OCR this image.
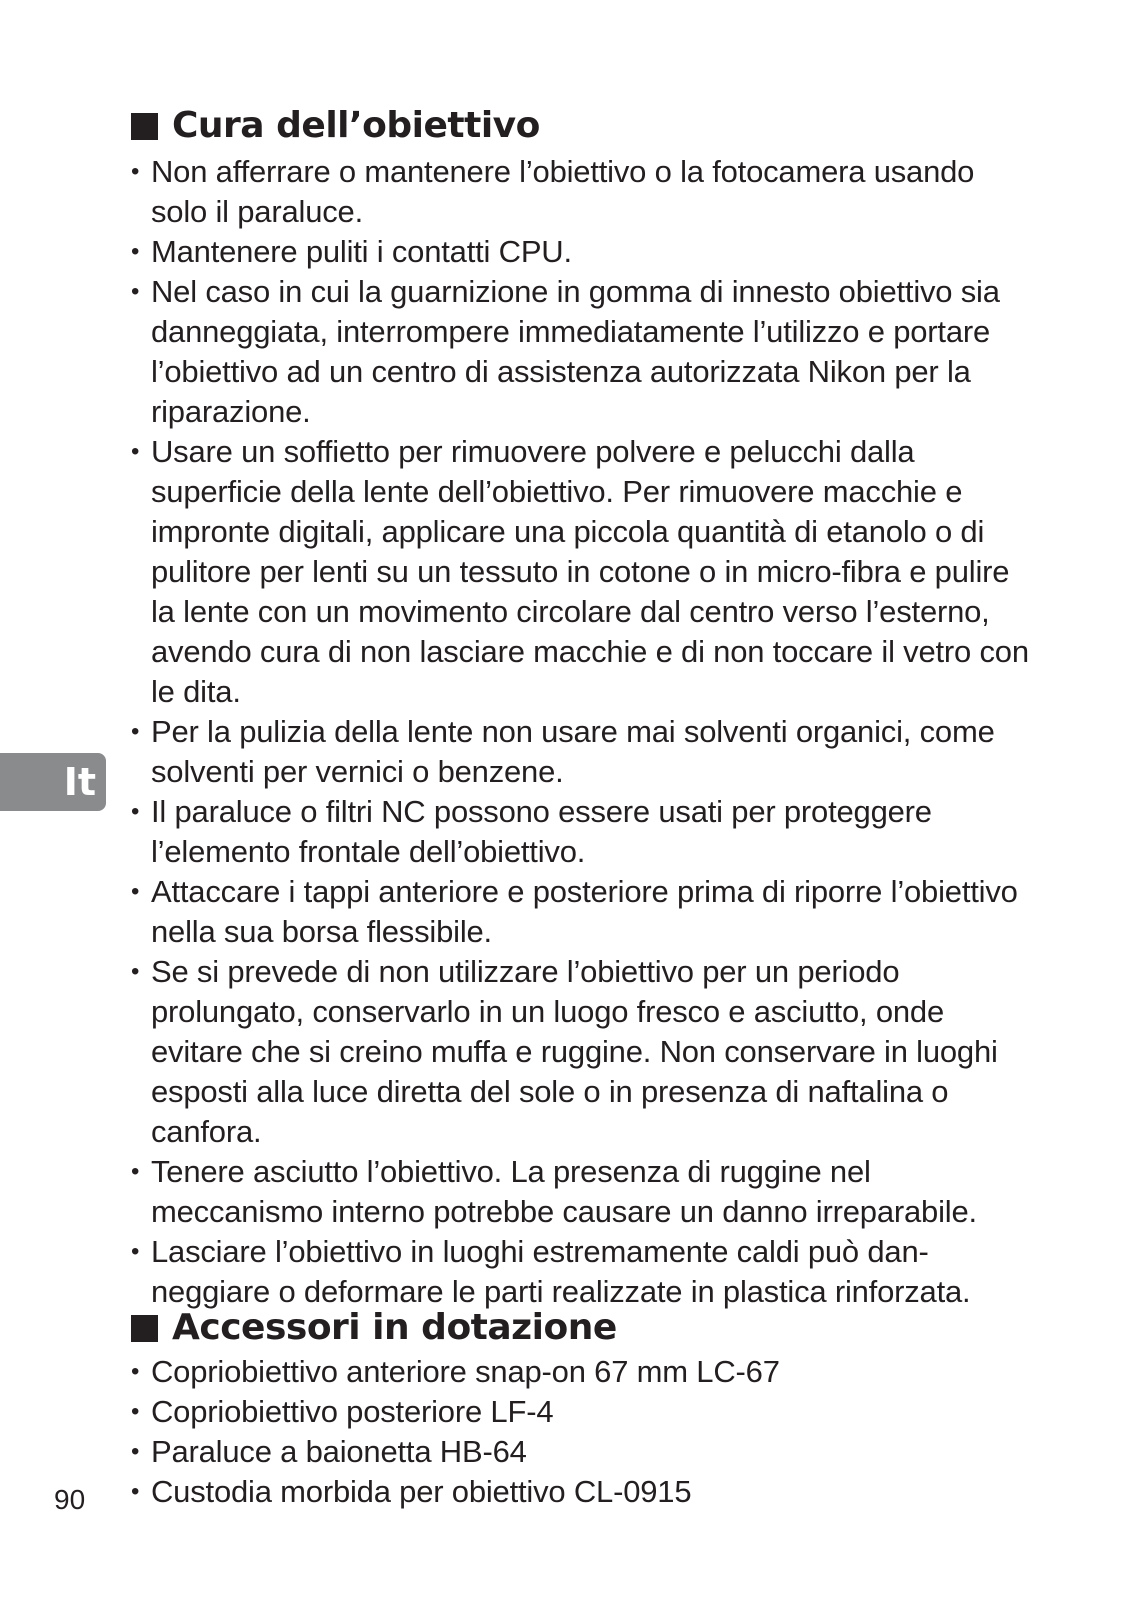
Cura dell’obiettivo
• Non afferrare o mantenere l’obiettivo o la fotocamera usando solo il paraluce.
• Mantenere puliti i contatti CPU.
• Nel caso in cui la guarnizione in gomma di innesto obiettivo sia danneggiata, interrompere immediatamente l’utilizzo e portare l’obiettivo ad un centro di assistenza autorizzata Nikon per la riparazione.
• Usare un soffietto per rimuovere polvere e pelucchi dalla superficie della lente dell’obiettivo. Per rimuovere macchie e impronte digitali, applicare una piccola quantità di etanolo o di pulitore per lenti su un tessuto in cotone o in micro-fibra e pulire la lente con un movimento circolare dal centro verso l’esterno, avendo cura di non lasciare macchie e di non toccare il vetro con le dita.
• Per la pulizia della lente non usare mai solventi organici, come solventi per vernici o benzene.
• Il paraluce o filtri NC possono essere usati per proteggere l’elemento frontale dell’obiettivo.
• Attaccare i tappi anteriore e posteriore prima di riporre l’obiettivo nella sua borsa flessibile.
• Se si prevede di non utilizzare l’obiettivo per un periodo prolungato, conservarlo in un luogo fresco e asciutto, onde evitare che si creino muffa e ruggine. Non conservare in luoghi esposti alla luce diretta del sole o in presenza di naftalina o canfora.
• Tenere asciutto l’obiettivo. La presenza di ruggine nel meccanismo interno potrebbe causare un danno irreparabile.
• Lasciare l’obiettivo in luoghi estremamente caldi può danneggiare o deformare le parti realizzate in plastica rinforzata.
Accessori in dotazione
• Copriobiettivo anteriore snap-on 67 mm LC-67
• Copriobiettivo posteriore LF-4
• Paraluce a baionetta HB-64
• Custodia morbida per obiettivo CL-0915
It
90
